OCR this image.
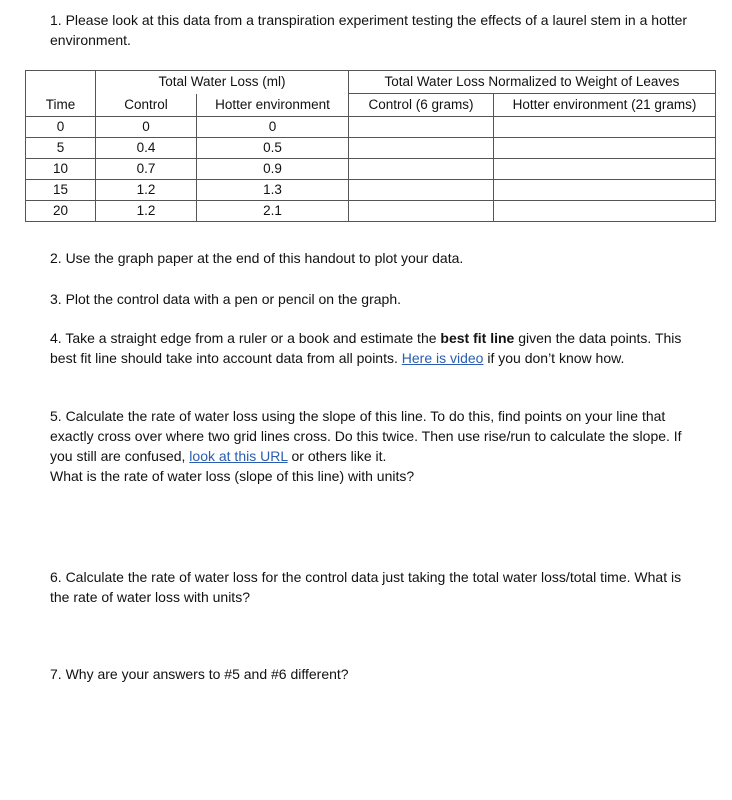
1. Please look at this data from a transpiration experiment testing the effects of a laurel stem in a hotter environment.

	Total Water Loss (ml)		Total Water Loss Normalized to Weight of Leaves	
Time	Control	Hotter environment	Control (6 grams)	Hotter environment (21 grams)
0	0	0		
5	0.4	0.5		
10	0.7	0.9		
15	1.2	1.3		
20	1.2	2.1		

2. Use the graph paper at the end of this handout to plot your data.

3. Plot the control data with a pen or pencil on the graph.

4. Take a straight edge from a ruler or a book and estimate the best fit line given the data points. This best fit line should take into account data from all points. Here is video if you don’t know how.

5. Calculate the rate of water loss using the slope of this line. To do this, find points on your line that exactly cross over where two grid lines cross. Do this twice. Then use rise/run to calculate the slope. If you still are confused, look at this URL or others like it.

What is the rate of water loss (slope of this line) with units?

6. Calculate the rate of water loss for the control data just taking the total water loss/total time. What is the rate of water loss with units?

7. Why are your answers to #5 and #6 different?
